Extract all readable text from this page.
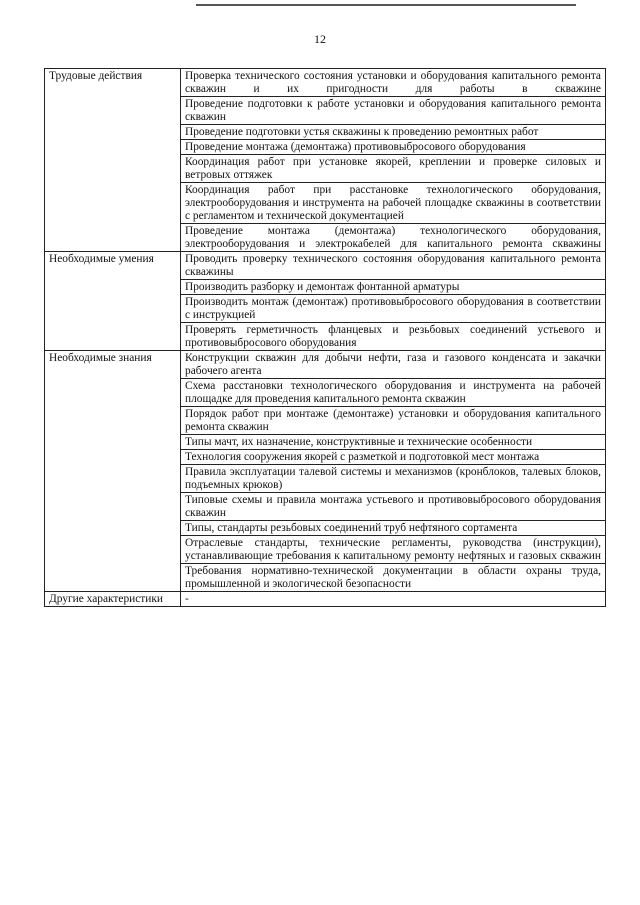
12
Трудовые действия	Проверка технического состояния установки и оборудования капитального ремонта скважин и их пригодности для работы в скважине
	Проведение подготовки к работе установки и оборудования капитального ремонта скважин
	Проведение подготовки устья скважины к проведению ремонтных работ
	Проведение монтажа (демонтажа) противовыбросового оборудования
	Координация работ при установке якорей, креплении и проверке силовых и ветровых оттяжек
	Координация работ при расстановке технологического оборудования, электрооборудования и инструмента на рабочей площадке скважины в соответствии с регламентом и технической документацией
	Проведение монтажа (демонтажа) технологического оборудования, электрооборудования и электрокабелей для капитального ремонта скважины
Необходимые умения	Проводить проверку технического состояния оборудования капитального ремонта скважины
	Производить разборку и демонтаж фонтанной арматуры
	Производить монтаж (демонтаж) противовыбросового оборудования в соответствии с инструкцией
	Проверять герметичность фланцевых и резьбовых соединений устьевого и противовыбросового оборудования
Необходимые знания	Конструкции скважин для добычи нефти, газа и газового конденсата и закачки рабочего агента
	Схема расстановки технологического оборудования и инструмента на рабочей площадке для проведения капитального ремонта скважин
	Порядок работ при монтаже (демонтаже) установки и оборудования капитального ремонта скважин
	Типы мачт, их назначение, конструктивные и технические особенности
	Технология сооружения якорей с разметкой и подготовкой мест монтажа
	Правила эксплуатации талевой системы и механизмов (кронблоков, талевых блоков, подъемных крюков)
	Типовые схемы и правила монтажа устьевого и противовыбросового оборудования скважин
	Типы, стандарты резьбовых соединений труб нефтяного сортамента
	Отраслевые стандарты, технические регламенты, руководства (инструкции), устанавливающие требования к капитальному ремонту нефтяных и газовых скважин
	Требования нормативно-технической документации в области охраны труда, промышленной и экологической безопасности
Другие характеристики	-
